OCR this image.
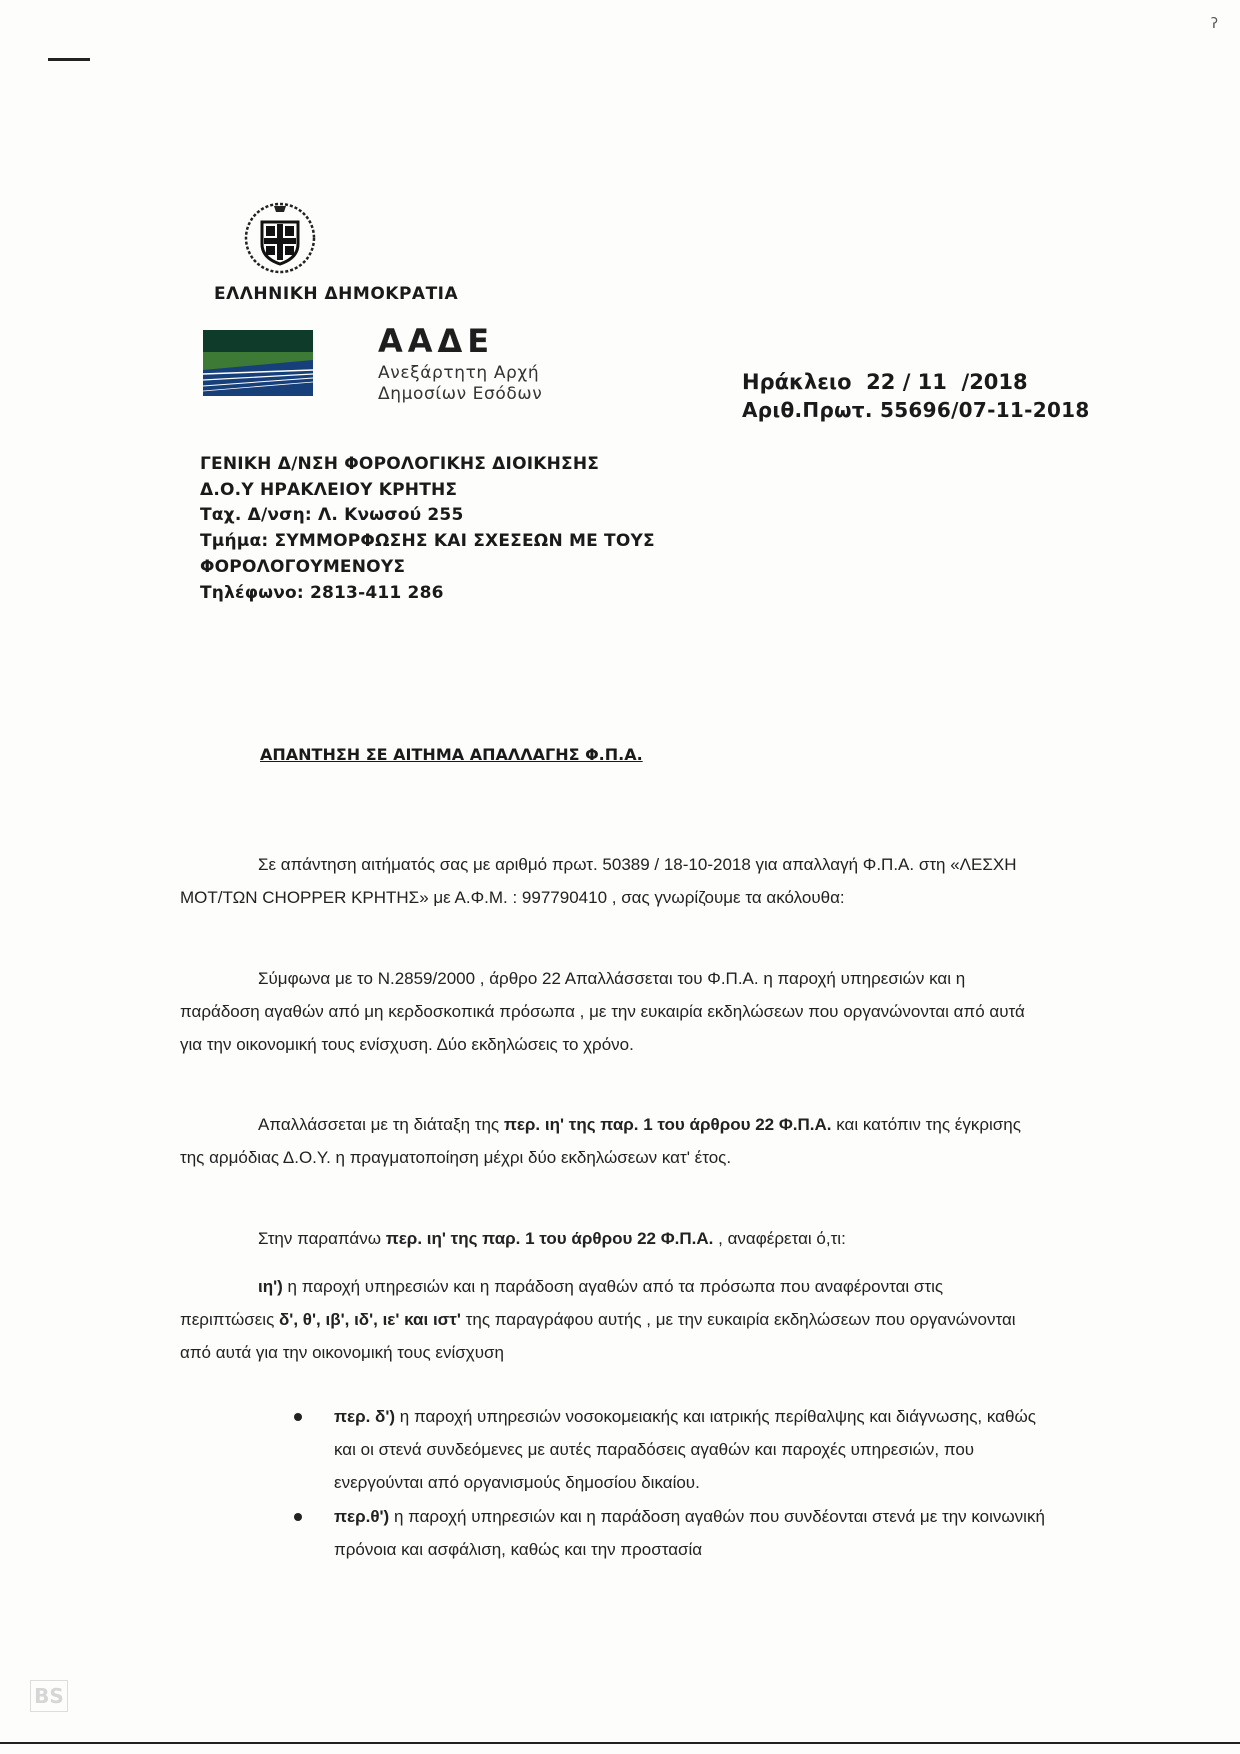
ʔ
ΕΛΛΗΝΙΚΗ ΔΗΜΟΚΡΑΤΙΑ
ΑΑΔΕ
Ανεξάρτητη Αρχή
Δημοσίων Εσόδων	Ηράκλειο  22 / 11  /2018
Αριθ.Πρωτ. 55696/07-11-2018
ΓΕΝΙΚΗ Δ/ΝΣΗ ΦΟΡΟΛΟΓΙΚΗΣ ΔΙΟΙΚΗΣΗΣ
Δ.Ο.Υ ΗΡΑΚΛΕΙΟΥ ΚΡΗΤΗΣ
Ταχ. Δ/νση: Λ. Κνωσού 255
Τμήμα: ΣΥΜΜΟΡΦΩΣΗΣ ΚΑΙ ΣΧΕΣΕΩΝ ΜΕ ΤΟΥΣ
ΦΟΡΟΛΟΓΟΥΜΕΝΟΥΣ
Τηλέφωνο: 2813-411 286
ΑΠΑΝΤΗΣΗ ΣΕ ΑΙΤΗΜΑ ΑΠΑΛΛΑΓΗΣ Φ.Π.Α.
Σε απάντηση αιτήματός σας με αριθμό πρωτ. 50389 / 18-10-2018 για απαλλαγή Φ.Π.Α. στη «ΛΕΣΧΗ ΜΟΤ/ΤΩΝ CHOPPER ΚΡΗΤΗΣ» με Α.Φ.Μ. : 997790410 , σας γνωρίζουμε τα ακόλουθα:
Σύμφωνα με το Ν.2859/2000 , άρθρο 22 Απαλλάσσεται του Φ.Π.Α. η παροχή υπηρεσιών και η παράδοση αγαθών από μη κερδοσκοπικά πρόσωπα , με την ευκαιρία εκδηλώσεων που οργανώνονται από αυτά για την οικονομική τους ενίσχυση. Δύο εκδηλώσεις το χρόνο.
Απαλλάσσεται με τη διάταξη της περ. ιη' της παρ. 1 του άρθρου 22 Φ.Π.Α. και κατόπιν της έγκρισης της αρμόδιας Δ.Ο.Υ. η πραγματοποίηση μέχρι δύο εκδηλώσεων κατ' έτος.
Στην παραπάνω περ. ιη' της παρ. 1 του άρθρου 22 Φ.Π.Α. , αναφέρεται ό,τι:
ιη') η παροχή υπηρεσιών και η παράδοση αγαθών από τα πρόσωπα που αναφέρονται στις περιπτώσεις δ', θ', ιβ', ιδ', ιε' και ιστ' της παραγράφου αυτής , με την ευκαιρία εκδηλώσεων που οργανώνονται από αυτά για την οικονομική τους ενίσχυση
περ. δ') η παροχή υπηρεσιών νοσοκομειακής και ιατρικής περίθαλψης και διάγνωσης, καθώς και οι στενά συνδεόμενες με αυτές παραδόσεις αγαθών και παροχές υπηρεσιών, που ενεργούνται από οργανισμούς δημοσίου δικαίου.
περ.θ') η παροχή υπηρεσιών και η παράδοση αγαθών που συνδέονται στενά με την κοινωνική πρόνοια και ασφάλιση, καθώς και την προστασία
BS
